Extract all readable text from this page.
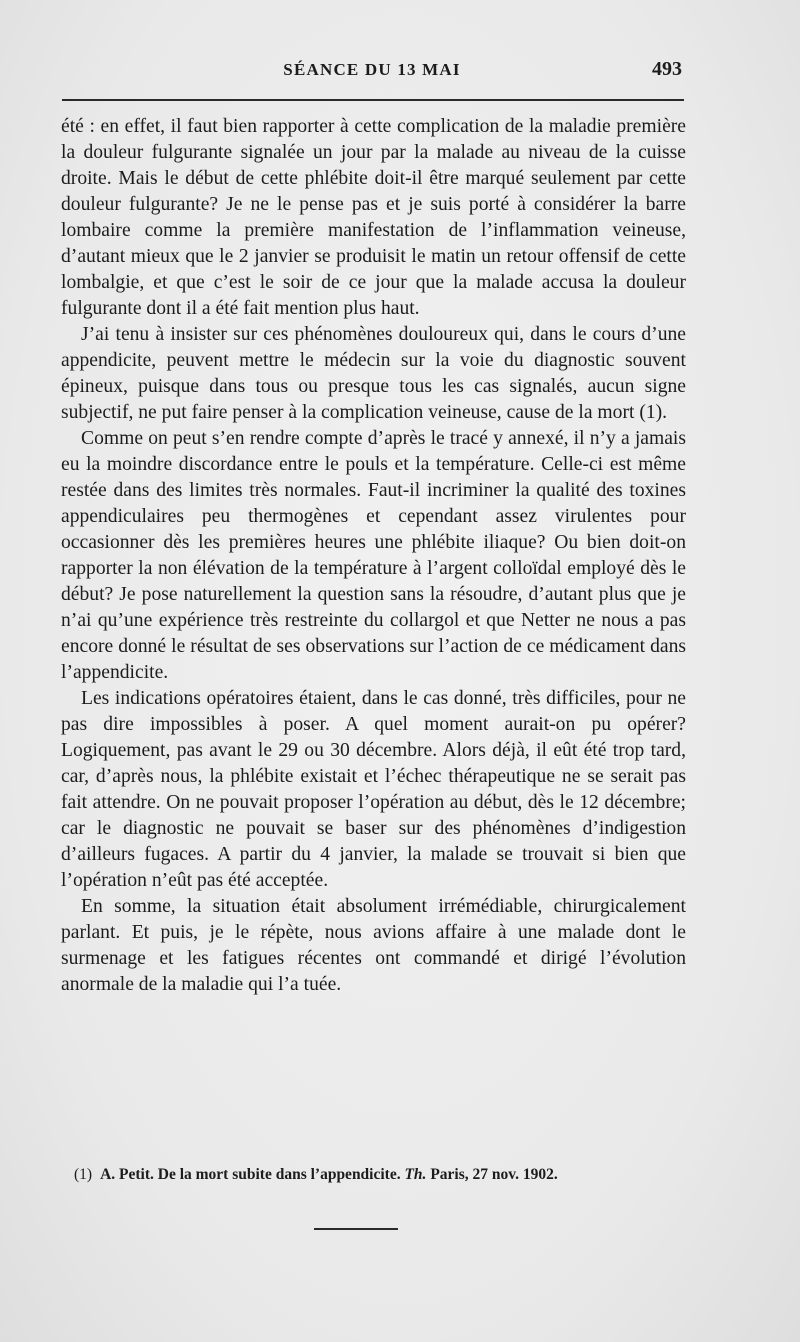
SÉANCE DU 13 MAI	493

été : en effet, il faut bien rapporter à cette complication de la maladie première la douleur fulgurante signalée un jour par la malade au niveau de la cuisse droite. Mais le début de cette phlébite doit-il être marqué seulement par cette douleur fulgurante? Je ne le pense pas et je suis porté à considérer la barre lombaire comme la première manifestation de l’inflammation veineuse, d’autant mieux que le 2 janvier se produisit le matin un retour offensif de cette lombalgie, et que c’est le soir de ce jour que la malade accusa la douleur fulgurante dont il a été fait mention plus haut.

J’ai tenu à insister sur ces phénomènes douloureux qui, dans le cours d’une appendicite, peuvent mettre le médecin sur la voie du diagnostic souvent épineux, puisque dans tous ou presque tous les cas signalés, aucun signe subjectif, ne put faire penser à la complication veineuse, cause de la mort (1).

Comme on peut s’en rendre compte d’après le tracé y annexé, il n’y a jamais eu la moindre discordance entre le pouls et la température. Celle-ci est même restée dans des limites très normales. Faut-il incriminer la qualité des toxines appendiculaires peu thermogènes et cependant assez virulentes pour occasionner dès les premières heures une phlébite iliaque? Ou bien doit-on rapporter la non élévation de la température à l’argent colloïdal employé dès le début? Je pose naturellement la question sans la résoudre, d’autant plus que je n’ai qu’une expérience très restreinte du collargol et que Netter ne nous a pas encore donné le résultat de ses observations sur l’action de ce médicament dans l’appendicite.

Les indications opératoires étaient, dans le cas donné, très difficiles, pour ne pas dire impossibles à poser. A quel moment aurait-on pu opérer? Logiquement, pas avant le 29 ou 30 décembre. Alors déjà, il eût été trop tard, car, d’après nous, la phlébite existait et l’échec thérapeutique ne se serait pas fait attendre. On ne pouvait proposer l’opération au début, dès le 12 décembre; car le diagnostic ne pouvait se baser sur des phénomènes d’indigestion d’ailleurs fugaces. A partir du 4 janvier, la malade se trouvait si bien que l’opération n’eût pas été acceptée.

En somme, la situation était absolument irrémédiable, chirurgicalement parlant. Et puis, je le répète, nous avions affaire à une malade dont le surmenage et les fatigues récentes ont commandé et dirigé l’évolution anormale de la maladie qui l’a tuée.

(1) A. Petit. De la mort subite dans l’appendicite. Th. Paris, 27 nov. 1902.
